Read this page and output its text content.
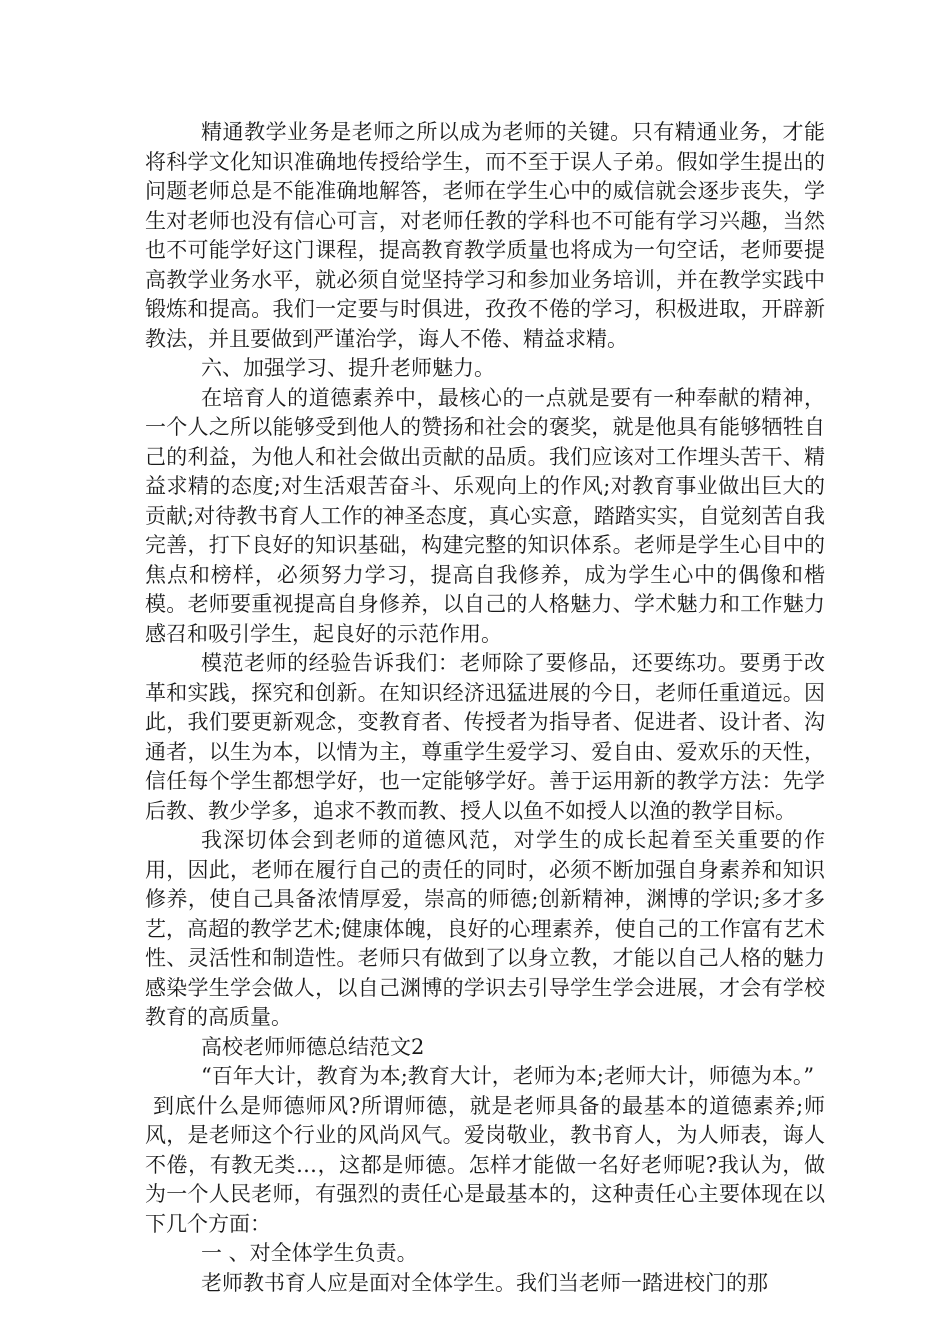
精通教学业务是老师之所以成为老师的关键。只有精通业务，才能将科学文化知识准确地传授给学生，而不至于误人子弟。假如学生提出的问题老师总是不能准确地解答，老师在学生心中的威信就会逐步丧失，学生对老师也没有信心可言，对老师任教的学科也不可能有学习兴趣，当然也不可能学好这门课程，提高教育教学质量也将成为一句空话，老师要提高教学业务水平，就必须自觉坚持学习和参加业务培训，并在教学实践中锻炼和提高。我们一定要与时俱进，孜孜不倦的学习，积极进取，开辟新教法，并且要做到严谨治学，诲人不倦、精益求精。

六、加强学习、提升老师魅力。

在培育人的道德素养中，最核心的一点就是要有一种奉献的精神，一个人之所以能够受到他人的赞扬和社会的褒奖，就是他具有能够牺牲自己的利益，为他人和社会做出贡献的品质。我们应该对工作埋头苦干、精益求精的态度;对生活艰苦奋斗、乐观向上的作风;对教育事业做出巨大的贡献;对待教书育人工作的神圣态度，真心实意，踏踏实实，自觉刻苦自我完善，打下良好的知识基础，构建完整的知识体系。老师是学生心目中的焦点和榜样，必须努力学习，提高自我修养，成为学生心中的偶像和楷模。老师要重视提高自身修养，以自己的人格魅力、学术魅力和工作魅力感召和吸引学生，起良好的示范作用。

模范老师的经验告诉我们：老师除了要修品，还要练功。要勇于改革和实践，探究和创新。在知识经济迅猛进展的今日，老师任重道远。因此，我们要更新观念，变教育者、传授者为指导者、促进者、设计者、沟通者，以生为本，以情为主，尊重学生爱学习、爱自由、爱欢乐的天性，信任每个学生都想学好，也一定能够学好。善于运用新的教学方法：先学后教、教少学多，追求不教而教、授人以鱼不如授人以渔的教学目标。

我深切体会到老师的道德风范，对学生的成长起着至关重要的作用，因此，老师在履行自己的责任的同时，必须不断加强自身素养和知识修养，使自己具备浓情厚爱，崇高的师德;创新精神，渊博的学识;多才多艺，高超的教学艺术;健康体魄，良好的心理素养，使自己的工作富有艺术性、灵活性和制造性。老师只有做到了以身立教，才能以自己人格的魅力感染学生学会做人，以自己渊博的学识去引导学生学会进展，才会有学校教育的高质量。

高校老师师德总结范文2

“百年大计，教育为本;教育大计，老师为本;老师大计，师德为本。”

到底什么是师德师风?所谓师德，就是老师具备的最基本的道德素养;师风，是老师这个行业的风尚风气。爱岗敬业，教书育人，为人师表，诲人不倦，有教无类…，这都是师德。怎样才能做一名好老师呢?我认为，做为一个人民老师，有强烈的责任心是最基本的，这种责任心主要体现在以下几个方面：

一 、对全体学生负责。

老师教书育人应是面对全体学生。我们当老师一踏进校门的那
